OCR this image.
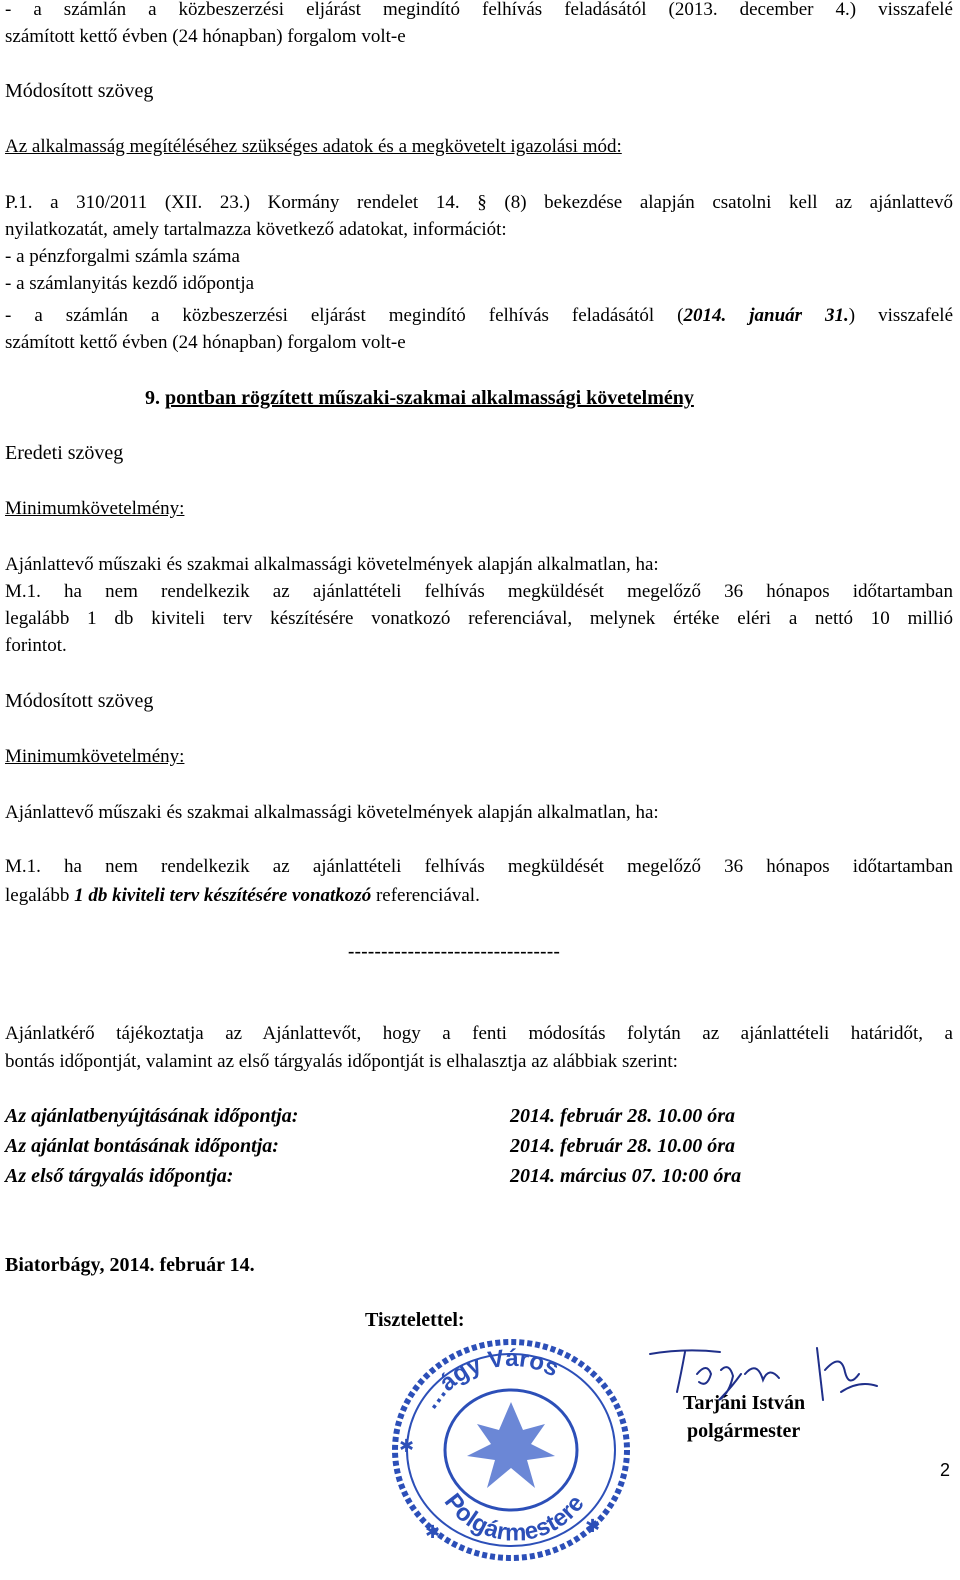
- a számlán a közbeszerzési eljárást megindító felhívás feladásától (2013. december 4.) visszafelé
számított kettő évben (24 hónapban) forgalom volt-e
Módosított szöveg
Az alkalmasság megítéléséhez szükséges adatok és a megkövetelt igazolási mód:
P.1. a 310/2011 (XII. 23.) Kormány rendelet 14. § (8) bekezdése alapján csatolni kell az ajánlattevő
nyilatkozatát, amely tartalmazza következő adatokat, információt:
- a pénzforgalmi számla száma
- a számlanyitás kezdő időpontja
- a számlán a közbeszerzési eljárást megindító felhívás feladásától (2014. január 31.) visszafelé
számított kettő évben (24 hónapban) forgalom volt-e
9. pontban rögzített műszaki-szakmai alkalmassági követelmény
Eredeti szöveg
Minimumkövetelmény:
Ajánlattevő műszaki és szakmai alkalmassági követelmények alapján alkalmatlan, ha:
M.1. ha nem rendelkezik az ajánlattételi felhívás megküldését megelőző 36 hónapos időtartamban
legalább 1 db kiviteli terv készítésére vonatkozó referenciával, melynek értéke eléri a nettó 10 millió
forintot.
Módosított szöveg
Minimumkövetelmény:
Ajánlattevő műszaki és szakmai alkalmassági követelmények alapján alkalmatlan, ha:
M.1. ha nem rendelkezik az ajánlattételi felhívás megküldését megelőző 36 hónapos időtartamban
legalább 1 db kiviteli terv készítésére vonatkozó referenciával.
--------------------------------
Ajánlatkérő tájékoztatja az Ajánlattevőt, hogy a fenti módosítás folytán az ajánlattételi határidőt, a
bontás időpontját, valamint az első tárgyalás időpontját is elhalasztja az alábbiak szerint:
Az ajánlatbenyújtásának időpontja:	2014. február 28. 10.00 óra
Az ajánlat bontásának időpontja:	2014. február 28. 10.00 óra
Az első tárgyalás időpontja:	2014. március 07. 10:00 óra
Biatorbágy, 2014. február 14.
Tisztelettel:
…ágy Város
Polgármestere
✱
✱	✱
Tarjáni István
polgármester
2
